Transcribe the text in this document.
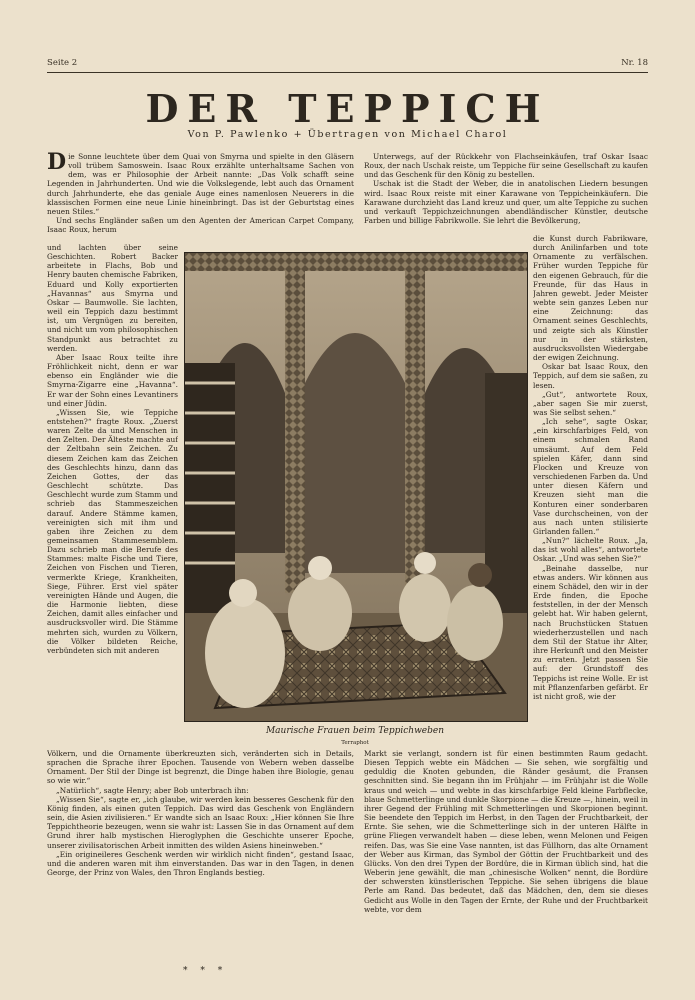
Seite 2	Nr. 18
DER TEPPICH
Von P. Pawlenko + Übertragen von Michael Charol

Die Sonne leuchtete über dem Quai von Smyrna und spielte in den Gläsern voll trübem Samoswein. Isaac Roux erzählte unterhaltsame Sachen von dem, was er Philosophie der Arbeit nannte: „Das Volk schafft seine Legenden in Jahrhunderten. Und wie die Volkslegende, lebt auch das Ornament durch Jahrhunderte, ehe das geniale Auge eines namenlosen Neuerers in die klassischen Formen eine neue Linie hineinbringt. Das ist der Geburtstag eines neuen Stiles.“

Und sechs Engländer saßen um den Agenten der American Carpet Company, Isaac Roux, herum

und lachten über seine Geschichten. Robert Backer arbeitete in Flachs, Bob und Henry bauten chemische Fabriken, Eduard und Kolly exportierten „Havannas“ aus Smyrna und Oskar — Baumwolle. Sie lachten, weil ein Teppich dazu bestimmt ist, um Vergnügen zu bereiten, und nicht um vom philosophischen Standpunkt aus betrachtet zu werden.

Aber Isaac Roux teilte ihre Fröhlichkeit nicht, denn er war ebenso ein Engländer wie die Smyrna-Zigarre eine „Havanna“. Er war der Sohn eines Levantiners und einer Jüdin.

„Wissen Sie, wie Teppiche entstehen?“ fragte Roux. „Zuerst waren Zelte da und Menschen in den Zelten. Der Älteste machte auf der Zeltbahn sein Zeichen. Zu diesem Zeichen kam das Zeichen des Geschlechts hinzu, dann das Zeichen Gottes, der das Geschlecht schützte. Das Geschlecht wurde zum Stamm und schrieb das Stammeszeichen darauf. Andere Stämme kamen, vereinigten sich mit ihm und gaben ihre Zeichen zu dem gemeinsamen Stammesemblem. Dazu schrieb man die Berufe des Stammes: malte Fische und Tiere, Zeichen von Fischen und Tieren, vermerkte Kriege, Krankheiten, Siege, Führer. Erst viel später vereinigten Hände und Augen, die die Harmonie liebten, diese Zeichen, damit alles einfacher und ausdrucksvoller wird. Die Stämme mehrten sich, wurden zu Völkern, die Völker bildeten Reiche, verbündeten sich mit anderen

Völkern, und die Ornamente überkreuzten sich, veränderten sich in Details, sprachen die Sprache ihrer Epochen. Tausende von Webern weben dasselbe Ornament. Der Stil der Dinge ist begrenzt, die Dinge haben ihre Biologie, genau so wie wir.“

„Natürlich“, sagte Henry; aber Bob unterbrach ihn:

„Wissen Sie“, sagte er, „ich glaube, wir werden kein besseres Geschenk für den König finden, als einen guten Teppich. Das wird das Geschenk von Engländern sein, die Asien zivilisieren.“ Er wandte sich an Isaac Roux: „Hier können Sie Ihre Teppichtheorie bezeugen, wenn sie wahr ist: Lassen Sie in das Ornament auf dem Grund ihrer halb mystischen Hieroglyphen die Geschichte unserer Epoche, unserer zivilisatorischen Arbeit inmitten des wilden Asiens hineinweben.“

„Ein origineileres Geschenk werden wir wirklich nicht finden“, gestand Isaac, und die anderen waren mit ihm einverstanden. Das war in den Tagen, in denen George, der Prinz von Wales, den Thron Englands bestieg.

* * *

Unterwegs, auf der Rückkehr von Flachseinkäufen, traf Oskar Isaac Roux, der nach Uschak reiste, um Teppiche für seine Gesellschaft zu kaufen und das Geschenk für den König zu bestellen.

Uschak ist die Stadt der Weber, die in anatolischen Liedern besungen wird. Isaac Roux reiste mit einer Karawane von Teppicheinkäufern. Die Karawane durchzieht das Land kreuz und quer, um alte Teppiche zu suchen und verkauft Teppichzeichnungen abendländischer Künstler, deutsche Farben und billige Fabrikwolle. Sie lehrt die Bevölkerung,

die Kunst durch Fabrikware, durch Anilinfarben und tote Ornamente zu verfälschen. Früher wurden Teppiche für den eigenen Gebrauch, für die Freunde, für das Haus in Jahren gewebt. Jeder Meister webte sein ganzes Leben nur eine Zeichnung: das Ornament seines Geschlechts, und zeigte sich als Künstler nur in der stärksten, ausdrucksvollsten Wiedergabe der ewigen Zeichnung.

Oskar bat Isaac Roux, den Teppich, auf dem sie saßen, zu lesen.

„Gut“, antwortete Roux, „aber sagen Sie mir zuerst, was Sie selbst sehen.“

„Ich sehe“, sagte Oskar, „ein kirschfarbiges Feld, von einem schmalen Rand umsäumt. Auf dem Feld spielen Käfer, dann sind Flocken und Kreuze von verschiedenen Farben da. Und unter diesen Käfern und Kreuzen sieht man die Konturen einer sonderbaren Vase durchscheinen, von der aus nach unten stilisierte Girlanden fallen.“

„Nun?“ lächelte Roux. „Ja, das ist wohl alles“, antwortete Oskar. „Und was sehen Sie?“

„Beinahe dasselbe, nur etwas anders. Wir können aus einem Schädel, den wir in der Erde finden, die Epoche feststellen, in der der Mensch gelebt hat. Wir haben gelernt, nach Bruchstücken Statuen wiederherzustellen und nach dem Stil der Statue ihr Alter, ihre Herkunft und den Meister zu erraten. Jetzt passen Sie auf: der Grundstoff des Teppichs ist reine Wolle. Er ist mit Pflanzenfarben gefärbt. Er ist nicht groß, wie der

Markt sie verlangt, sondern ist für einen bestimmten Raum gedacht. Diesen Teppich webte ein Mädchen — Sie sehen, wie sorgfältig und geduldig die Knoten gebunden, die Ränder gesäumt, die Fransen geschnitten sind. Sie begann ihn im Frühjahr — im Frühjahr ist die Wolle kraus und weich — und webte in das kirschfarbige Feld kleine Farbflecke, blaue Schmetterlinge und dunkle Skorpione — die Kreuze —, hinein, weil in ihrer Gegend der Frühling mit Schmetterlingen und Skorpionen beginnt. Sie beendete den Teppich im Herbst, in den Tagen der Fruchtbarkeit, der Ernte. Sie sehen, wie die Schmetterlinge sich in der unteren Hälfte in grüne Fliegen verwandelt haben — diese leben, wenn Melonen und Feigen reifen. Das, was Sie eine Vase nannten, ist das Füllhorn, das alte Ornament der Weber aus Kirman, das Symbol der Göttin der Fruchtbarkeit und des Glücks. Von den drei Typen der Bordüre, die in Kirman üblich sind, hat die Weberin jene gewählt, die man „chinesische Wolken“ nennt, die Bordüre der schwersten künstlerischen Teppiche. Sie sehen übrigens die blaue Perle am Rand. Das bedeutet, daß das Mädchen, den, dem sie dieses Gedicht aus Wolle in den Tagen der Ernte, der Ruhe und der Fruchtbarkeit webte, vor dem

Maurische Frauen beim Teppichweben
Terraphot
